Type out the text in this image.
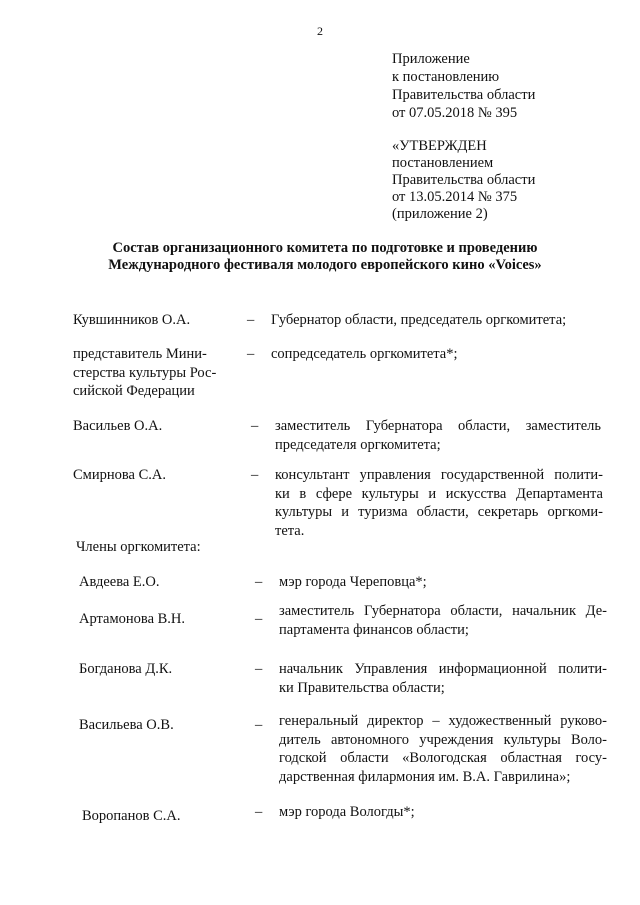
2
Приложение
к постановлению
Правительства области
от 07.05.2018 № 395
«УТВЕРЖДЕН
постановлением
Правительства области
от 13.05.2014 № 375
(приложение 2)
Состав организационного комитета по подготовке и проведению
Международного фестиваля молодого европейского кино «Voices»
Кувшинников О.А.	– Губернатор области, председатель оргкомитета;
представитель Мини-
стерства культуры Рос-
сийской Федерации
– сопредседатель оргкомитета*;
Васильев О.А.	– заместитель Губернатора области, заместитель
председателя оргкомитета;
Смирнова С.А.	– консультант управления государственной полити-
ки в сфере культуры и искусства Департамента
культуры и туризма области, секретарь оргкоми-
тета.
Члены оргкомитета:
Авдеева Е.О.	– мэр города Череповца*;
Артамонова В.Н.	– заместитель Губернатора области, начальник Де-
партамента финансов области;
Богданова Д.К.	– начальник Управления информационной полити-
ки Правительства области;
Васильева О.В.	– генеральный директор – художественный руково-
дитель автономного учреждения культуры Воло-
годской области «Вологодская областная госу-
дарственная филармония им. В.А. Гаврилина»;
Воропанов С.А.	– мэр города Вологды*;
